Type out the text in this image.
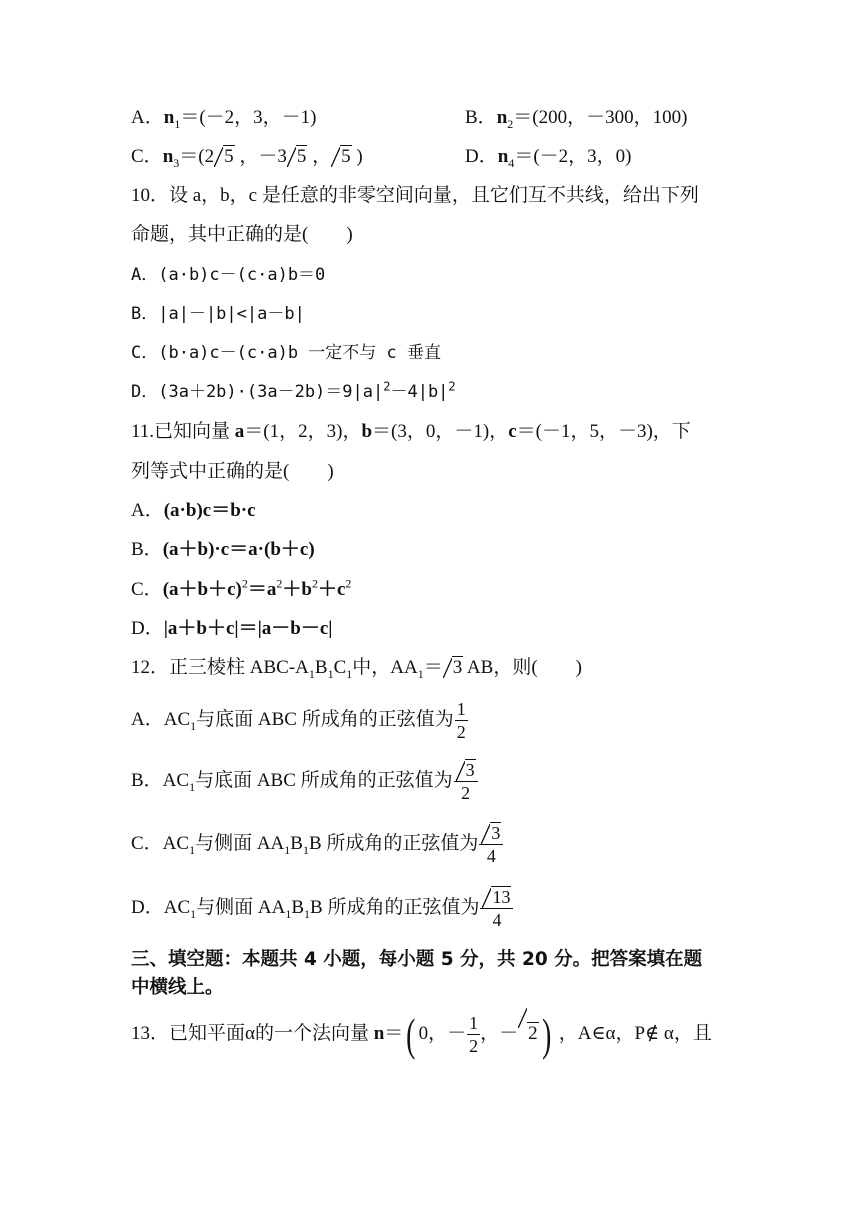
A．$n_1=(-2$，3，－1)	B．$n_2=(200$，－300，100)
C．$n_3=(2$ 5 ，－3 5 ， 5 )	D．$n_4=(-2$，3，0)
10．设 a，b，c 是任意的非零空间向量，且它们互不共线，给出下列
命题，其中正确的是(　　)
A．(a·b)c－(c·a)b＝0
B．|a|－|b|<|a－b|
C．(b·a)c－(c·a)b 一定不与 c 垂直
D．$(3a+2b)\cdot(3a-2b)=9|a|^2-4|b|^2$
11.已知向量 a＝(1，2，3)，b＝(3，0，－1)，c＝(－1，5，－3)，下
列等式中正确的是(　　)
A．(a·b)c＝b·c
B．(a＋b)·c＝a·(b＋c)
C．$(a+b+c)^2=a^2+b^2+c^2$
D．|a＋b＋c|＝|a－b－c|
12．正三棱柱 ABC-$A_1B_1C_1$中，$AA_1= 3$ AB，则(　　)
A．$AC_1$与底面 ABC 所成角的正弦值为 $\frac{1}{2}$
B．$AC_1$与底面 ABC 所成角的正弦值为 $\frac{3}{2}$
C．$AC_1$与侧面 $AA_1B_1B$ 所成角的正弦值为 $\frac{3}{4}$
D．$AC_1$与侧面 $AA_1B_1B$ 所成角的正弦值为 $\frac{13}{4}$
三、填空题：本题共 4 小题，每小题 5 分，共 20 分。把答案填在题
中横线上。
13．已知平面α的一个法向量 n＝( 0，－ $\frac{1}{2}$ ，－ 2) ，A∈α，P∉ α，且
